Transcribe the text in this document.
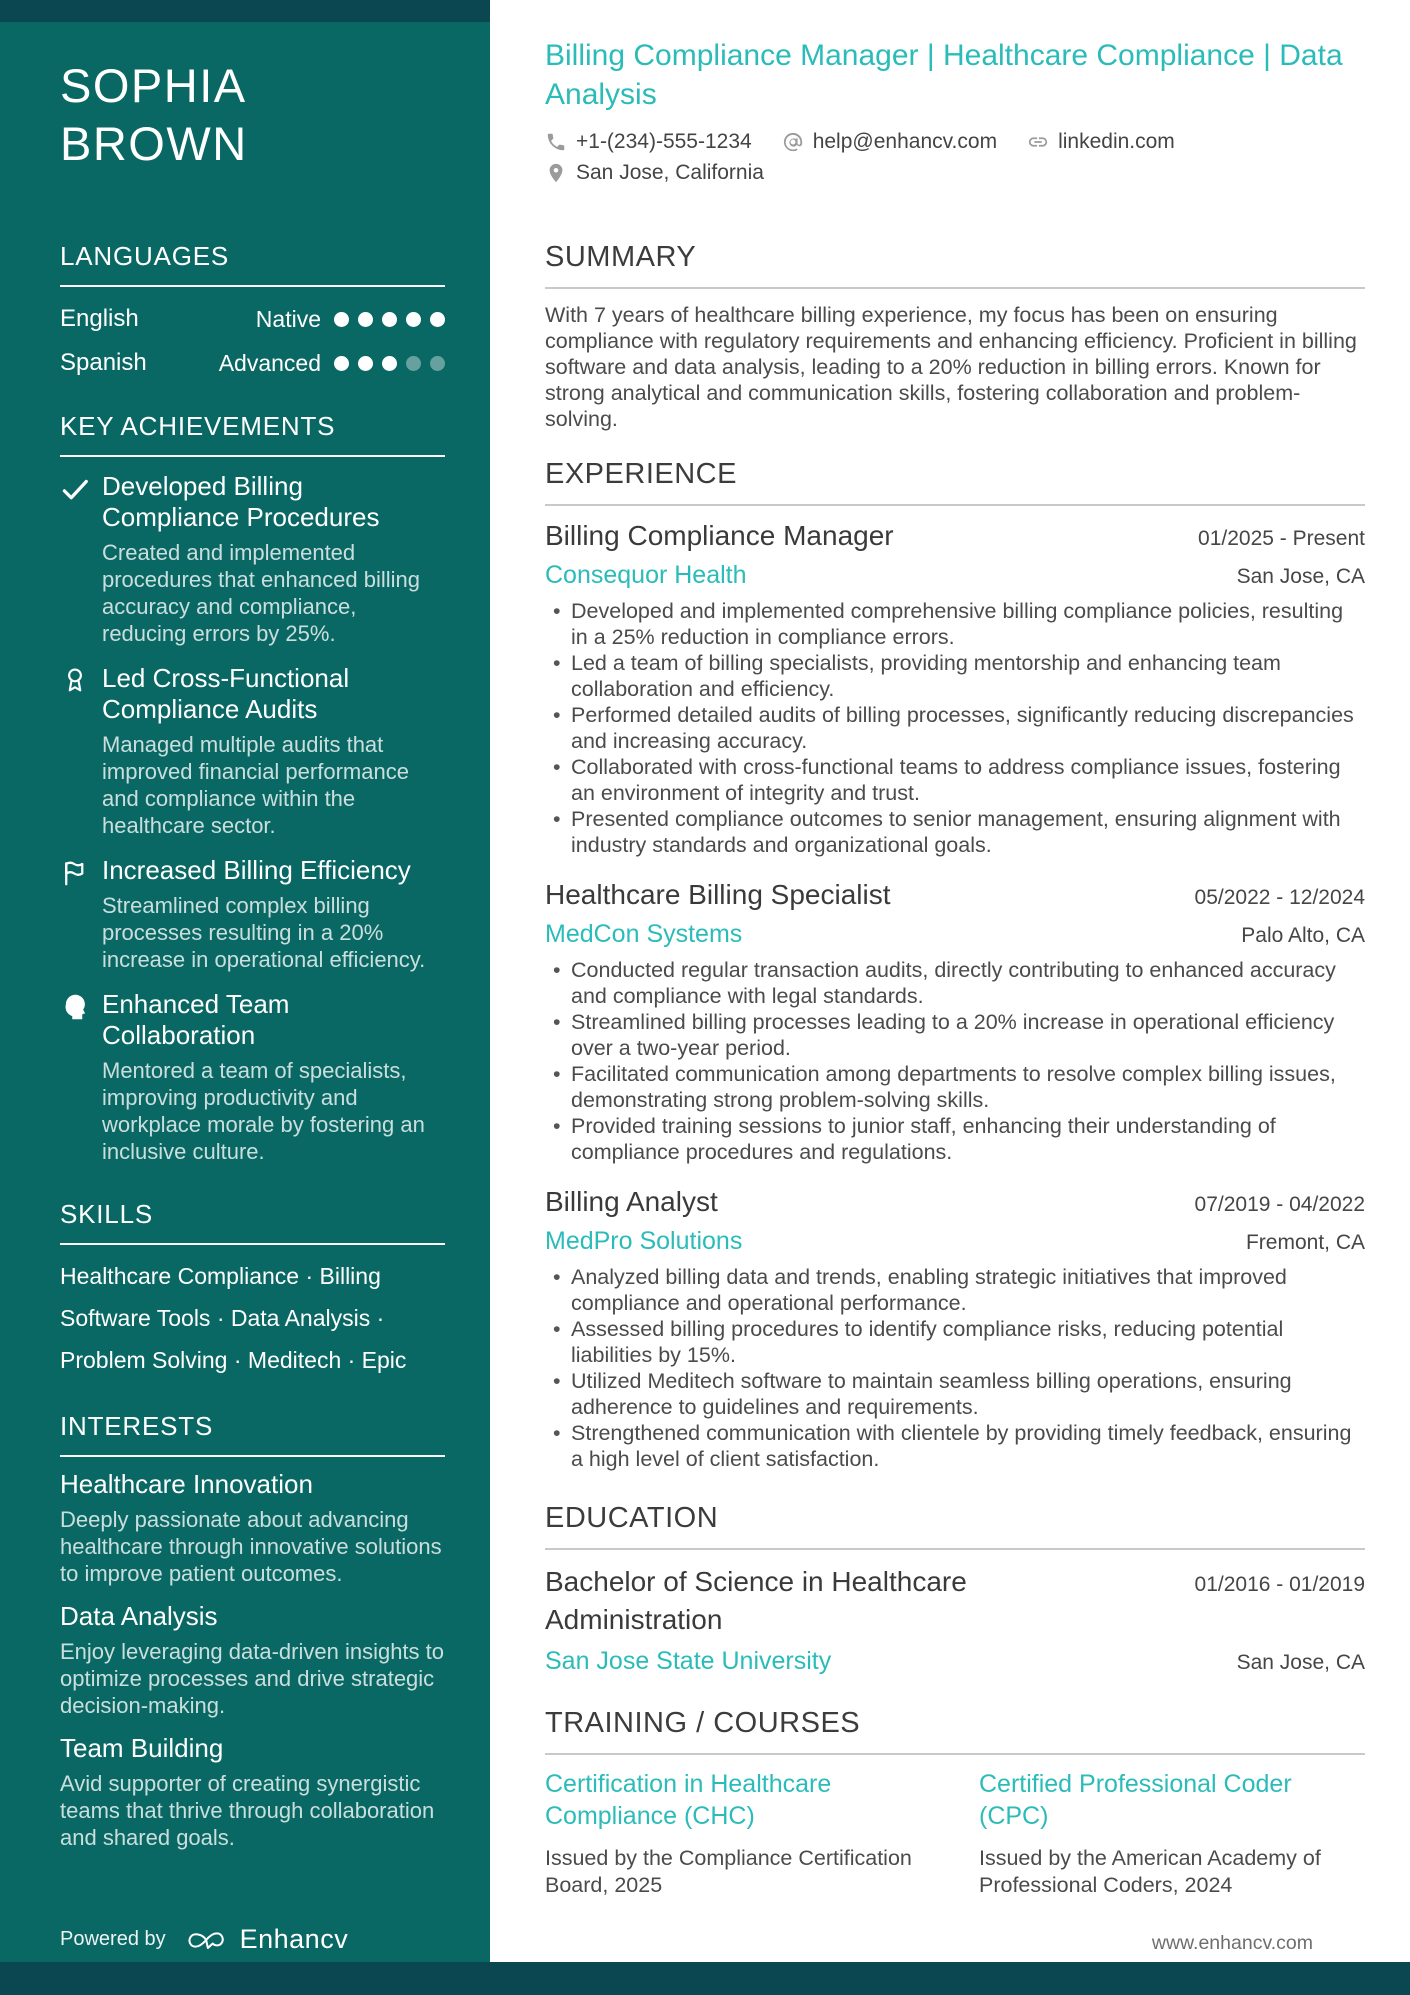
SOPHIA
BROWN
LANGUAGES
English	Native
Spanish	Advanced
KEY ACHIEVEMENTS
Developed Billing Compliance Procedures
Created and implemented procedures that enhanced billing accuracy and compliance, reducing errors by 25%.
Led Cross-Functional Compliance Audits
Managed multiple audits that improved financial performance and compliance within the healthcare sector.
Increased Billing Efficiency
Streamlined complex billing processes resulting in a 20% increase in operational efficiency.
Enhanced Team Collaboration
Mentored a team of specialists, improving productivity and workplace morale by fostering an inclusive culture.
SKILLS

Healthcare Compliance · Billing Software Tools · Data Analysis · Problem Solving · Meditech · Epic

INTERESTS
Healthcare Innovation
Deeply passionate about advancing healthcare through innovative solutions to improve patient outcomes.
Data Analysis
Enjoy leveraging data-driven insights to optimize processes and drive strategic decision-making.
Team Building
Avid supporter of creating synergistic teams that thrive through collaboration and shared goals.
Powered by	Enhancv
Billing Compliance Manager | Healthcare Compliance | Data Analysis
+1-(234)-555-1234	help@enhancv.com	linkedin.com
San Jose, California
SUMMARY

With 7 years of healthcare billing experience, my focus has been on ensuring compliance with regulatory requirements and enhancing efficiency. Proficient in billing software and data analysis, leading to a 20% reduction in billing errors. Known for strong analytical and communication skills, fostering collaboration and problem-solving.

EXPERIENCE
Billing Compliance Manager	01/2025 - Present
Consequor Health	San Jose, CA
• Developed and implemented comprehensive billing compliance policies, resulting in a 25% reduction in compliance errors.
• Led a team of billing specialists, providing mentorship and enhancing team collaboration and efficiency.
• Performed detailed audits of billing processes, significantly reducing discrepancies and increasing accuracy.
• Collaborated with cross-functional teams to address compliance issues, fostering an environment of integrity and trust.
• Presented compliance outcomes to senior management, ensuring alignment with industry standards and organizational goals.
Healthcare Billing Specialist	05/2022 - 12/2024
MedCon Systems	Palo Alto, CA
• Conducted regular transaction audits, directly contributing to enhanced accuracy and compliance with legal standards.
• Streamlined billing processes leading to a 20% increase in operational efficiency over a two-year period.
• Facilitated communication among departments to resolve complex billing issues, demonstrating strong problem-solving skills.
• Provided training sessions to junior staff, enhancing their understanding of compliance procedures and regulations.
Billing Analyst	07/2019 - 04/2022
MedPro Solutions	Fremont, CA
• Analyzed billing data and trends, enabling strategic initiatives that improved compliance and operational performance.
• Assessed billing procedures to identify compliance risks, reducing potential liabilities by 15%.
• Utilized Meditech software to maintain seamless billing operations, ensuring adherence to guidelines and requirements.
• Strengthened communication with clientele by providing timely feedback, ensuring a high level of client satisfaction.
EDUCATION
Bachelor of Science in Healthcare Administration
01/2016 - 01/2019
San Jose State University	San Jose, CA
TRAINING / COURSES
Certification in Healthcare Compliance (CHC)
Issued by the Compliance Certification Board, 2025
Certified Professional Coder (CPC)
Issued by the American Academy of Professional Coders, 2024
www.enhancv.com
